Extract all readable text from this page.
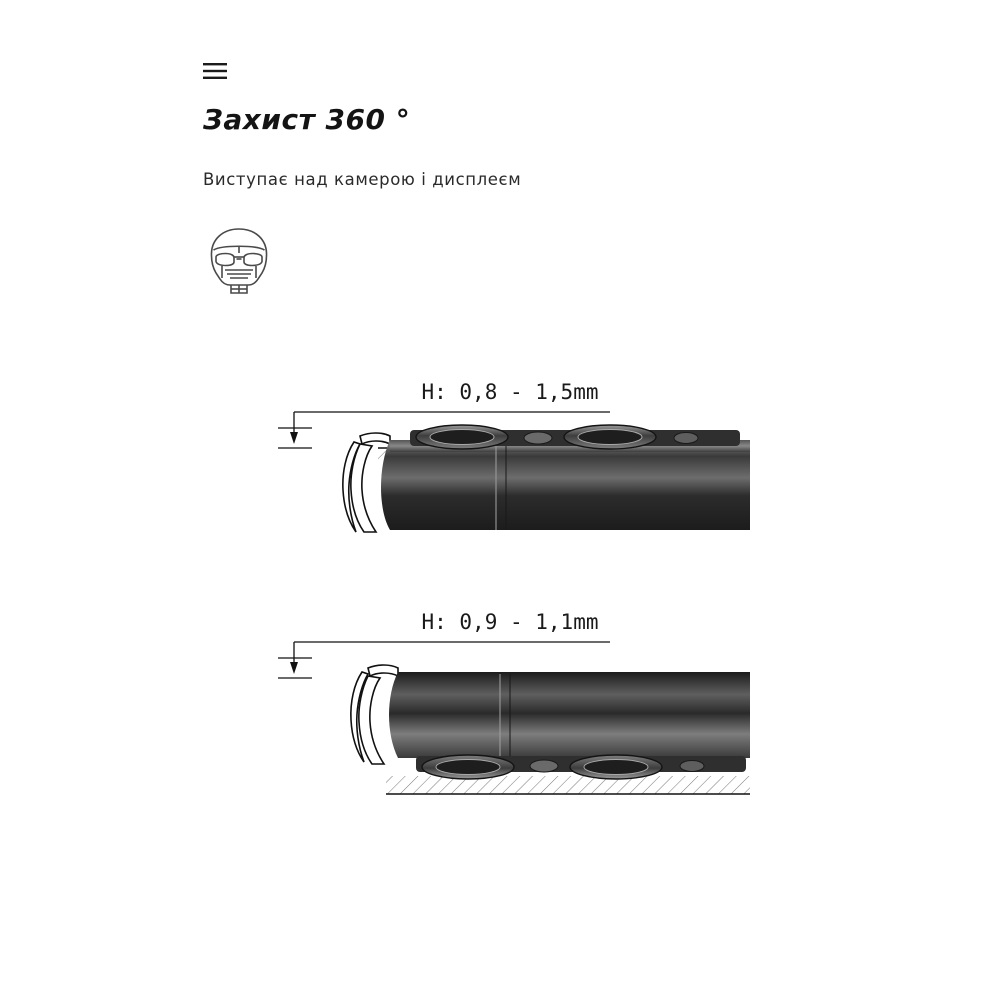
Захист 360 °
Виступає над камерою і дисплеєм
H: 0,8 - 1,5mm
H: 0,9 - 1,1mm
